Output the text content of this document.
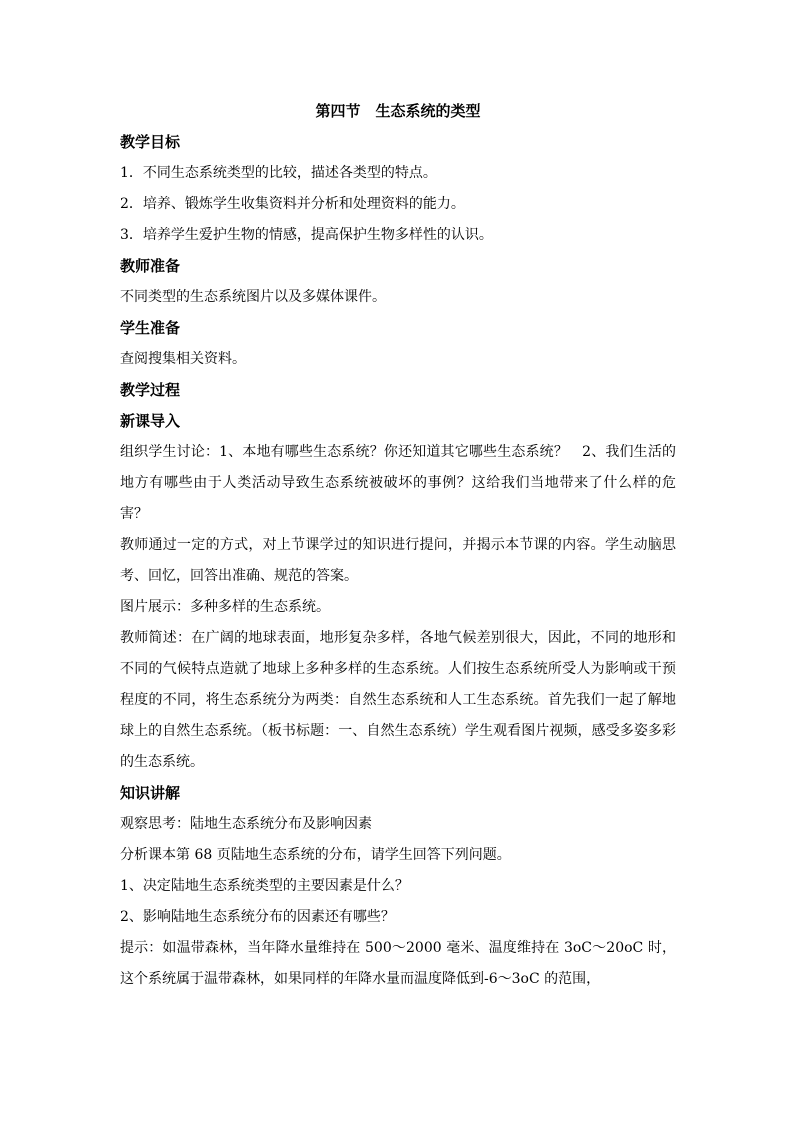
第四节　生态系统的类型
教学目标
1．不同生态系统类型的比较，描述各类型的特点。
2．培养、锻炼学生收集资料并分析和处理资料的能力。
3．培养学生爱护生物的情感，提高保护生物多样性的认识。
教师准备
不同类型的生态系统图片以及多媒体课件。
学生准备
查阅搜集相关资料。
教学过程
新课导入
组织学生讨论：1、本地有哪些生态系统？你还知道其它哪些生态系统？　2、我们生活的地方有哪些由于人类活动导致生态系统被破坏的事例？这给我们当地带来了什么样的危害？
教师通过一定的方式，对上节课学过的知识进行提问，并揭示本节课的内容。学生动脑思考、回忆，回答出准确、规范的答案。
图片展示：多种多样的生态系统。
教师简述：在广阔的地球表面，地形复杂多样，各地气候差别很大，因此，不同的地形和不同的气候特点造就了地球上多种多样的生态系统。人们按生态系统所受人为影响或干预程度的不同，将生态系统分为两类：自然生态系统和人工生态系统。首先我们一起了解地球上的自然生态系统。（板书标题：一、自然生态系统）学生观看图片视频，感受多姿多彩的生态系统。
知识讲解
观察思考：陆地生态系统分布及影响因素
分析课本第 68 页陆地生态系统的分布，请学生回答下列问题。
1、决定陆地生态系统类型的主要因素是什么？
2、影响陆地生态系统分布的因素还有哪些？
提示：如温带森林，当年降水量维持在 500～2000 毫米、温度维持在 3oC～20oC 时，这个系统属于温带森林，如果同样的年降水量而温度降低到-6～3oC 的范围，
